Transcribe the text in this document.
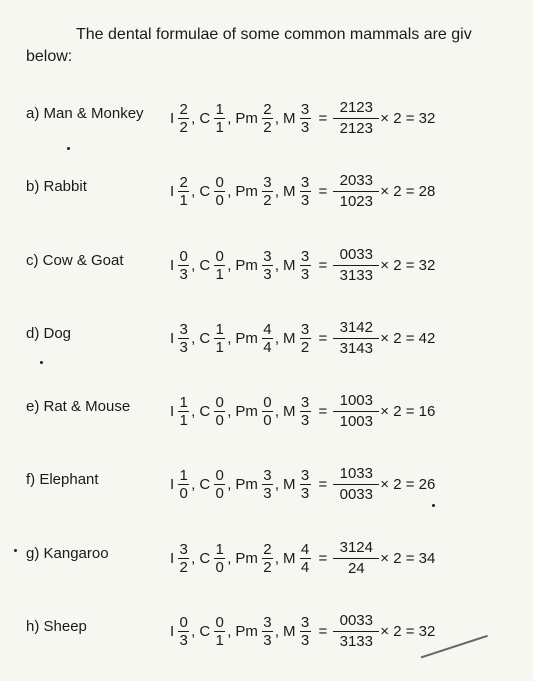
The dental formulae of some common mammals are giv
below:
a) Man & Monkey I $\frac{2}{2}$ , C $\frac{1}{1}$ , Pm $\frac{2}{2}$ , M $\frac{3}{3} = \frac{2123}{2123} \times 2 = 32$
b) Rabbit	I $\frac{2}{1}$ , C $\frac{0}{0}$ , Pm $\frac{3}{2}$ , M $\frac{3}{3} = \frac{2033}{1023} \times 2 = 28$
c) Cow & Goat	I $\frac{0}{3}$ , C $\frac{0}{1}$ , Pm $\frac{3}{3}$ , M $\frac{3}{3} = \frac{0033}{3133} \times 2 = 32$
d) Dog	I $\frac{3}{3}$ , C $\frac{1}{1}$ , Pm $\frac{4}{4}$ , M $\frac{3}{2} = \frac{3142}{3143} \times 2 = 42$
e) Rat & Mouse	I $\frac{1}{1}$ , C $\frac{0}{0}$ , Pm $\frac{0}{0}$ , M $\frac{3}{3} = \frac{1003}{1003} \times 2 = 16$
f) Elephant	I $\frac{1}{0}$ , C $\frac{0}{0}$ , Pm $\frac{3}{3}$ , M $\frac{3}{3} = \frac{1033}{0033} \times 2 = 26$
g) Kangaroo	I $\frac{3}{2}$ , C $\frac{1}{0}$ , Pm $\frac{2}{2}$ , M $\frac{4}{4} = \frac{3124}{24} \times 2 = 34$
h) Sheep	I $\frac{0}{3}$ , C $\frac{0}{1}$ , Pm $\frac{3}{3}$ , M $\frac{3}{3} = \frac{0033}{3133} \times 2 = 32$
